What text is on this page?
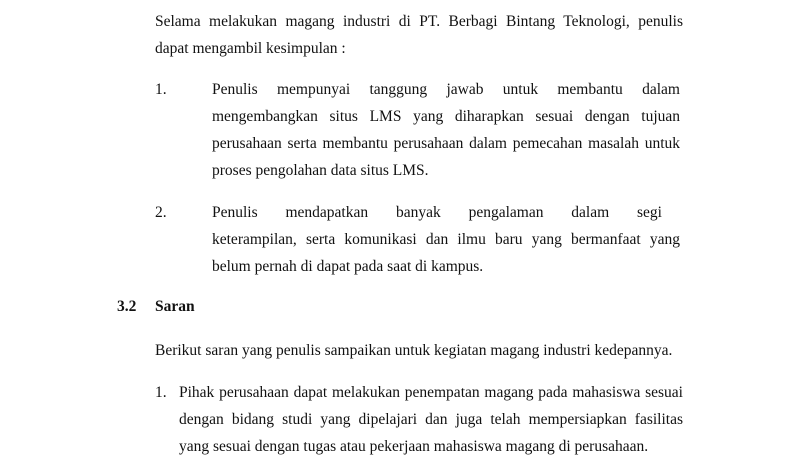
Selama melakukan magang industri di PT. Berbagi Bintang Teknologi, penulis
dapat mengambil kesimpulan :
1.	Penulis mempunyai tanggung jawab untuk membantu dalam
mengembangkan situs LMS yang diharapkan sesuai dengan tujuan
perusahaan serta membantu perusahaan dalam pemecahan masalah untuk
proses pengolahan data situs LMS.
2.	Penulis mendapatkan banyak pengalaman dalam segi
keterampilan, serta komunikasi dan ilmu baru yang bermanfaat yang
belum pernah di dapat pada saat di kampus.
3.2 Saran
Berikut saran yang penulis sampaikan untuk kegiatan magang industri kedepannya.
1. Pihak perusahaan dapat melakukan penempatan magang pada mahasiswa sesuai
dengan bidang studi yang dipelajari dan juga telah mempersiapkan fasilitas
yang sesuai dengan tugas atau pekerjaan mahasiswa magang di perusahaan.
